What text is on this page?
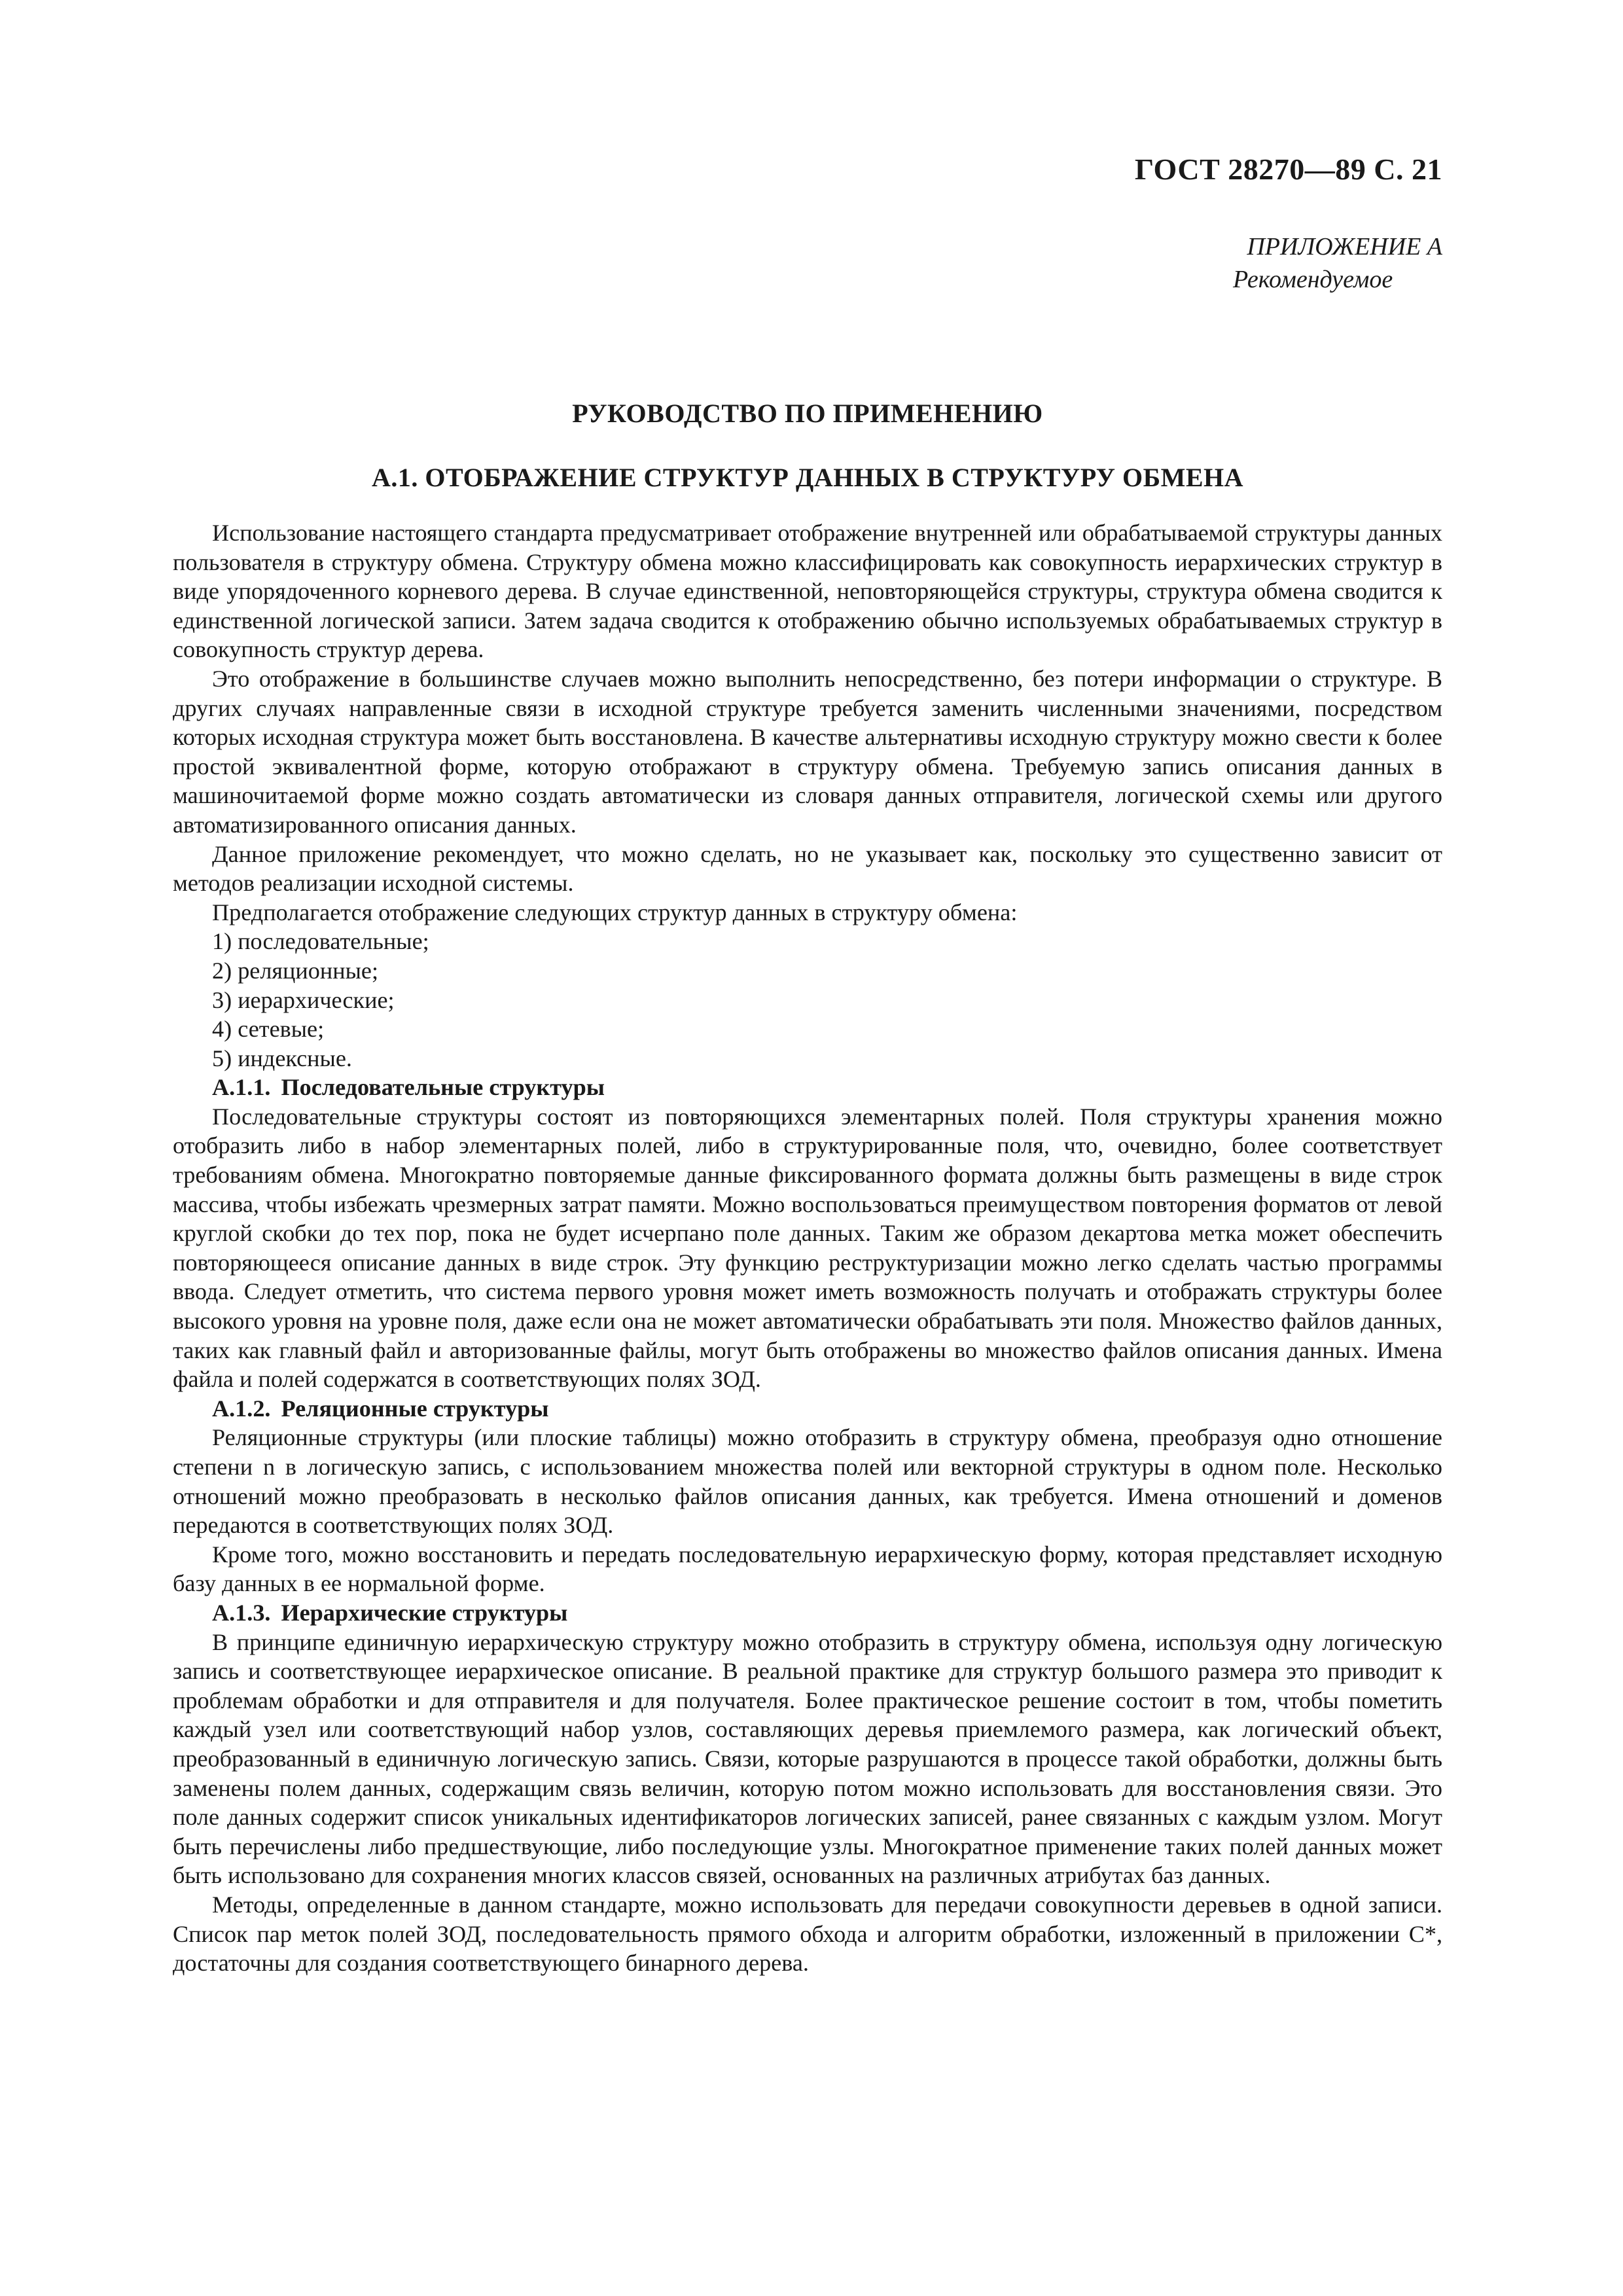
ГОСТ 28270—89 С. 21
ПРИЛОЖЕНИЕ А
Рекомендуемое
РУКОВОДСТВО ПО ПРИМЕНЕНИЮ
А.1. ОТОБРАЖЕНИЕ СТРУКТУР ДАННЫХ В СТРУКТУРУ ОБМЕНА

Использование настоящего стандарта предусматривает отображение внутренней или обрабатываемой структуры данных пользователя в структуру обмена. Структуру обмена можно классифицировать как совокупность иерархических структур в виде упорядоченного корневого дерева. В случае единственной, неповторяющейся структуры, структура обмена сводится к единственной логической записи. Затем задача сводится к отображению обычно используемых обрабатываемых структур в совокупность структур дерева.

Это отображение в большинстве случаев можно выполнить непосредственно, без потери информации о структуре. В других случаях направленные связи в исходной структуре требуется заменить численными значениями, посредством которых исходная структура может быть восстановлена. В качестве альтернативы исходную структуру можно свести к более простой эквивалентной форме, которую отображают в структуру обмена. Требуемую запись описания данных в машиночитаемой форме можно создать автоматически из словаря данных отправителя, логической схемы или другого автоматизированного описания данных.

Данное приложение рекомендует, что можно сделать, но не указывает как, поскольку это существенно зависит от методов реализации исходной системы.

Предполагается отображение следующих структур данных в структуру обмена:

1) последовательные;
2) реляционные;
3) иерархические;
4) сетевые;
5) индексные.
А.1.1. Последовательные структуры

Последовательные структуры состоят из повторяющихся элементарных полей. Поля структуры хранения можно отобразить либо в набор элементарных полей, либо в структурированные поля, что, очевидно, более соответствует требованиям обмена. Многократно повторяемые данные фиксированного формата должны быть размещены в виде строк массива, чтобы избежать чрезмерных затрат памяти. Можно воспользоваться преимуществом повторения форматов от левой круглой скобки до тех пор, пока не будет исчерпано поле данных. Таким же образом декартова метка может обеспечить повторяющееся описание данных в виде строк. Эту функцию реструктуризации можно легко сделать частью программы ввода. Следует отметить, что система первого уровня может иметь возможность получать и отображать структуры более высокого уровня на уровне поля, даже если она не может автоматически обрабатывать эти поля. Множество файлов данных, таких как главный файл и авторизованные файлы, могут быть отображены во множество файлов описания данных. Имена файла и полей содержатся в соответствующих полях ЗОД.

А.1.2. Реляционные структуры

Реляционные структуры (или плоские таблицы) можно отобразить в структуру обмена, преобразуя одно отношение степени n в логическую запись, с использованием множества полей или векторной структуры в одном поле. Несколько отношений можно преобразовать в несколько файлов описания данных, как требуется. Имена отношений и доменов передаются в соответствующих полях ЗОД.

Кроме того, можно восстановить и передать последовательную иерархическую форму, которая представляет исходную базу данных в ее нормальной форме.

А.1.3. Иерархические структуры

В принципе единичную иерархическую структуру можно отобразить в структуру обмена, используя одну логическую запись и соответствующее иерархическое описание. В реальной практике для структур большого размера это приводит к проблемам обработки и для отправителя и для получателя. Более практическое решение состоит в том, чтобы пометить каждый узел или соответствующий набор узлов, составляющих деревья приемлемого размера, как логический объект, преобразованный в единичную логическую запись. Связи, которые разрушаются в процессе такой обработки, должны быть заменены полем данных, содержащим связь величин, которую потом можно использовать для восстановления связи. Это поле данных содержит список уникальных идентификаторов логических записей, ранее связанных с каждым узлом. Могут быть перечислены либо предшествующие, либо последующие узлы. Многократное применение таких полей данных может быть использовано для сохранения многих классов связей, основанных на различных атрибутах баз данных.

Методы, определенные в данном стандарте, можно использовать для передачи совокупности деревьев в одной записи. Список пар меток полей ЗОД, последовательность прямого обхода и алгоритм обработки, изложенный в приложении С*, достаточны для создания соответствующего бинарного дерева.
